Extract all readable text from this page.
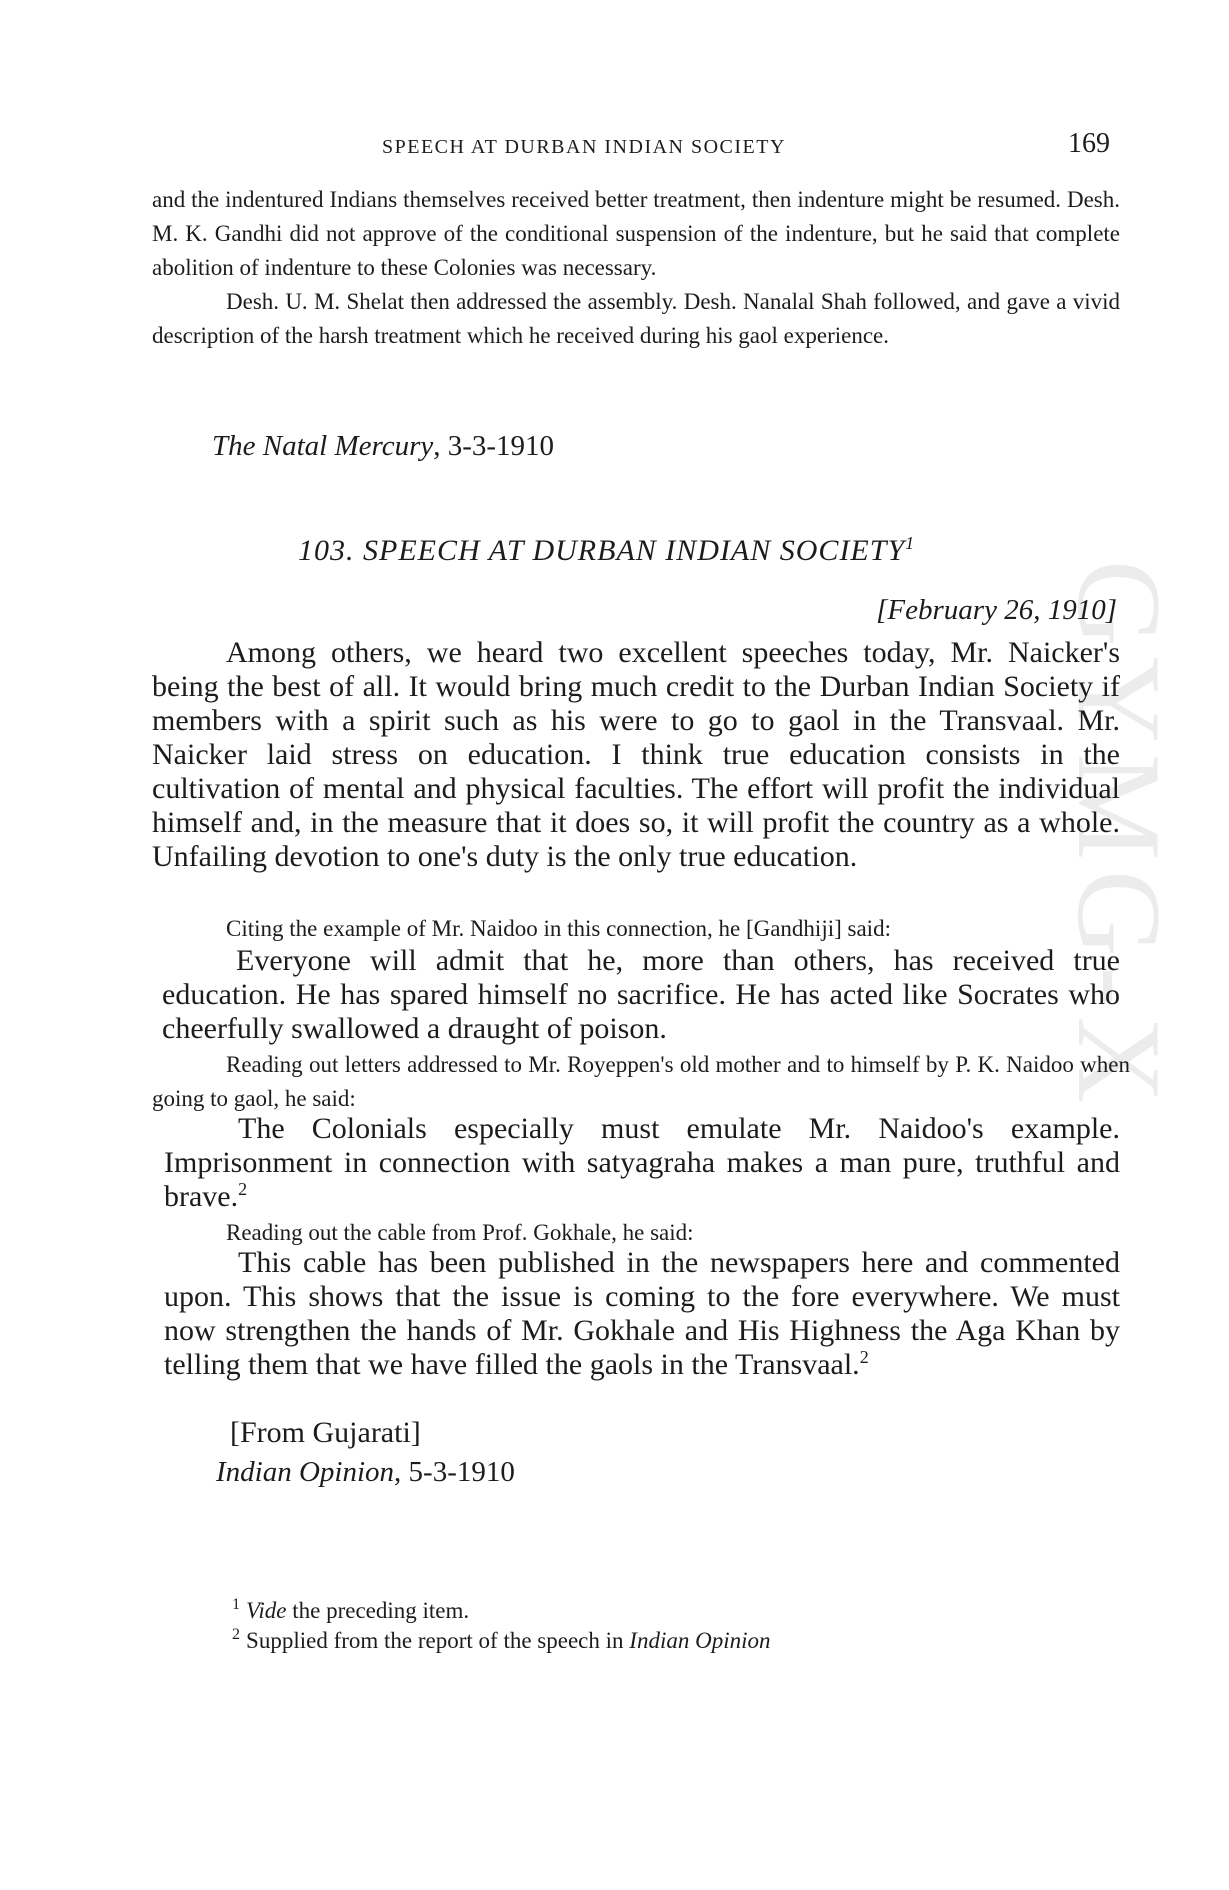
GYMG-X
SPEECH AT DURBAN INDIAN SOCIETY	169

and the indentured Indians themselves received better treatment, then indenture might be resumed. Desh. M. K. Gandhi did not approve of the conditional suspension of the indenture, but he said that complete abolition of indenture to these Colonies was necessary.

Desh. U. M. Shelat then addressed the assembly. Desh. Nanalal Shah followed, and gave a vivid description of the harsh treatment which he received during his gaol experience.

The Natal Mercury, 3-3-1910
103. SPEECH AT DURBAN INDIAN SOCIETY$^1$
[February 26, 1910]
Among others, we heard two excellent speeches today, Mr. Naicker's being the best of all. It would bring much credit to the Durban Indian Society if members with a spirit such as his were to go to gaol in the Transvaal. Mr. Naicker laid stress on education. I think true education consists in the cultivation of mental and physical faculties. The effort will profit the individual himself and, in the measure that it does so, it will profit the country as a whole. Unfailing devotion to one's duty is the only true education.
Citing the example of Mr. Naidoo in this connection, he [Gandhiji] said:
Everyone will admit that he, more than others, has received true education. He has spared himself no sacrifice. He has acted like Socrates who cheerfully swallowed a draught of poison.
Reading out letters addressed to Mr. Royeppen's old mother and to himself by P. K. Naidoo when going to gaol, he said:
The Colonials especially must emulate Mr. Naidoo's example. Imprisonment in connection with satyagraha makes a man pure, truthful and brave.$^2$
Reading out the cable from Prof. Gokhale, he said:
This cable has been published in the newspapers here and commented upon. This shows that the issue is coming to the fore everywhere. We must now strengthen the hands of Mr. Gokhale and His Highness the Aga Khan by telling them that we have filled the gaols in the Transvaal.$^2$
[From Gujarati]
Indian Opinion, 5-3-1910
$^1$ Vide the preceding item.
$^2$ Supplied from the report of the speech in Indian Opinion
